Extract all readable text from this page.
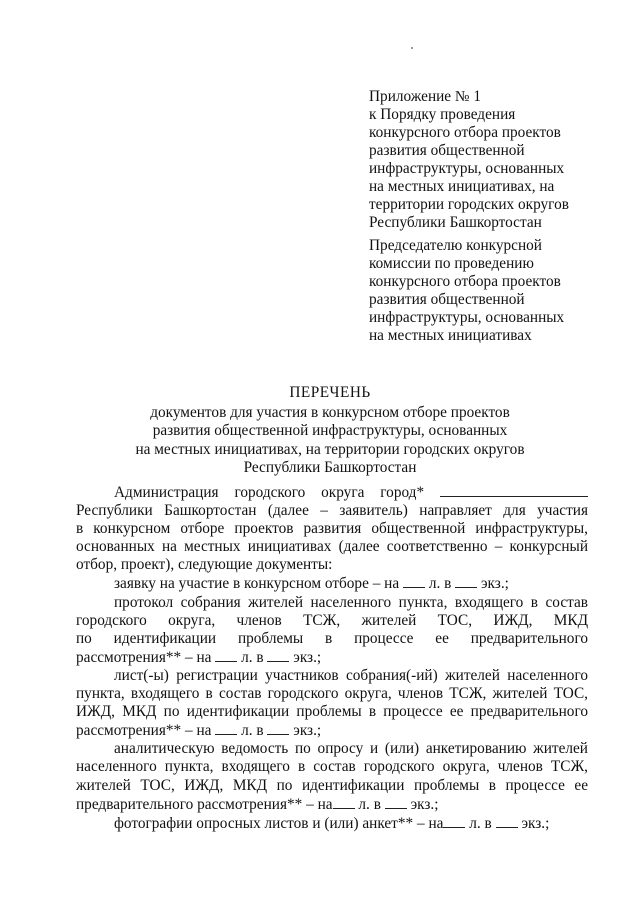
Приложение № 1
к Порядку проведения
конкурсного отбора проектов
развития общественной
инфраструктуры, основанных
на местных инициативах, на
территории городских округов
Республики Башкортостан
Председателю конкурсной
комиссии по проведению
конкурсного отбора проектов
развития общественной
инфраструктуры, основанных
на местных инициативах
ПЕРЕЧЕНЬ
документов для участия в конкурсном отборе проектов
развития общественной инфраструктуры, основанных
на местных инициативах, на территории городских округов
Республики Башкортостан
Администрация городского округа город*
Республики Башкортостан (далее – заявитель) направляет для участия
в конкурсном отборе проектов развития общественной инфраструктуры,
основанных на местных инициативах (далее соответственно – конкурсный
отбор, проект), следующие документы:
заявку на участие в конкурсном отборе – на л. в экз.;
протокол собрания жителей населенного пункта, входящего в состав
городского округа, членов ТСЖ, жителей ТОС, ИЖД, МКД
по идентификации проблемы в процессе ее предварительного
рассмотрения** – на л. в экз.;
лист(-ы) регистрации участников собрания(-ий) жителей населенного
пункта, входящего в состав городского округа, членов ТСЖ, жителей ТОС,
ИЖД, МКД по идентификации проблемы в процессе ее предварительного
рассмотрения** – на л. в экз.;
аналитическую ведомость по опросу и (или) анкетированию жителей
населенного пункта, входящего в состав городского округа, членов ТСЖ,
жителей ТОС, ИЖД, МКД по идентификации проблемы в процессе ее
предварительного рассмотрения** – на л. в экз.;
фотографии опросных листов и (или) анкет** – на л. в экз.;
